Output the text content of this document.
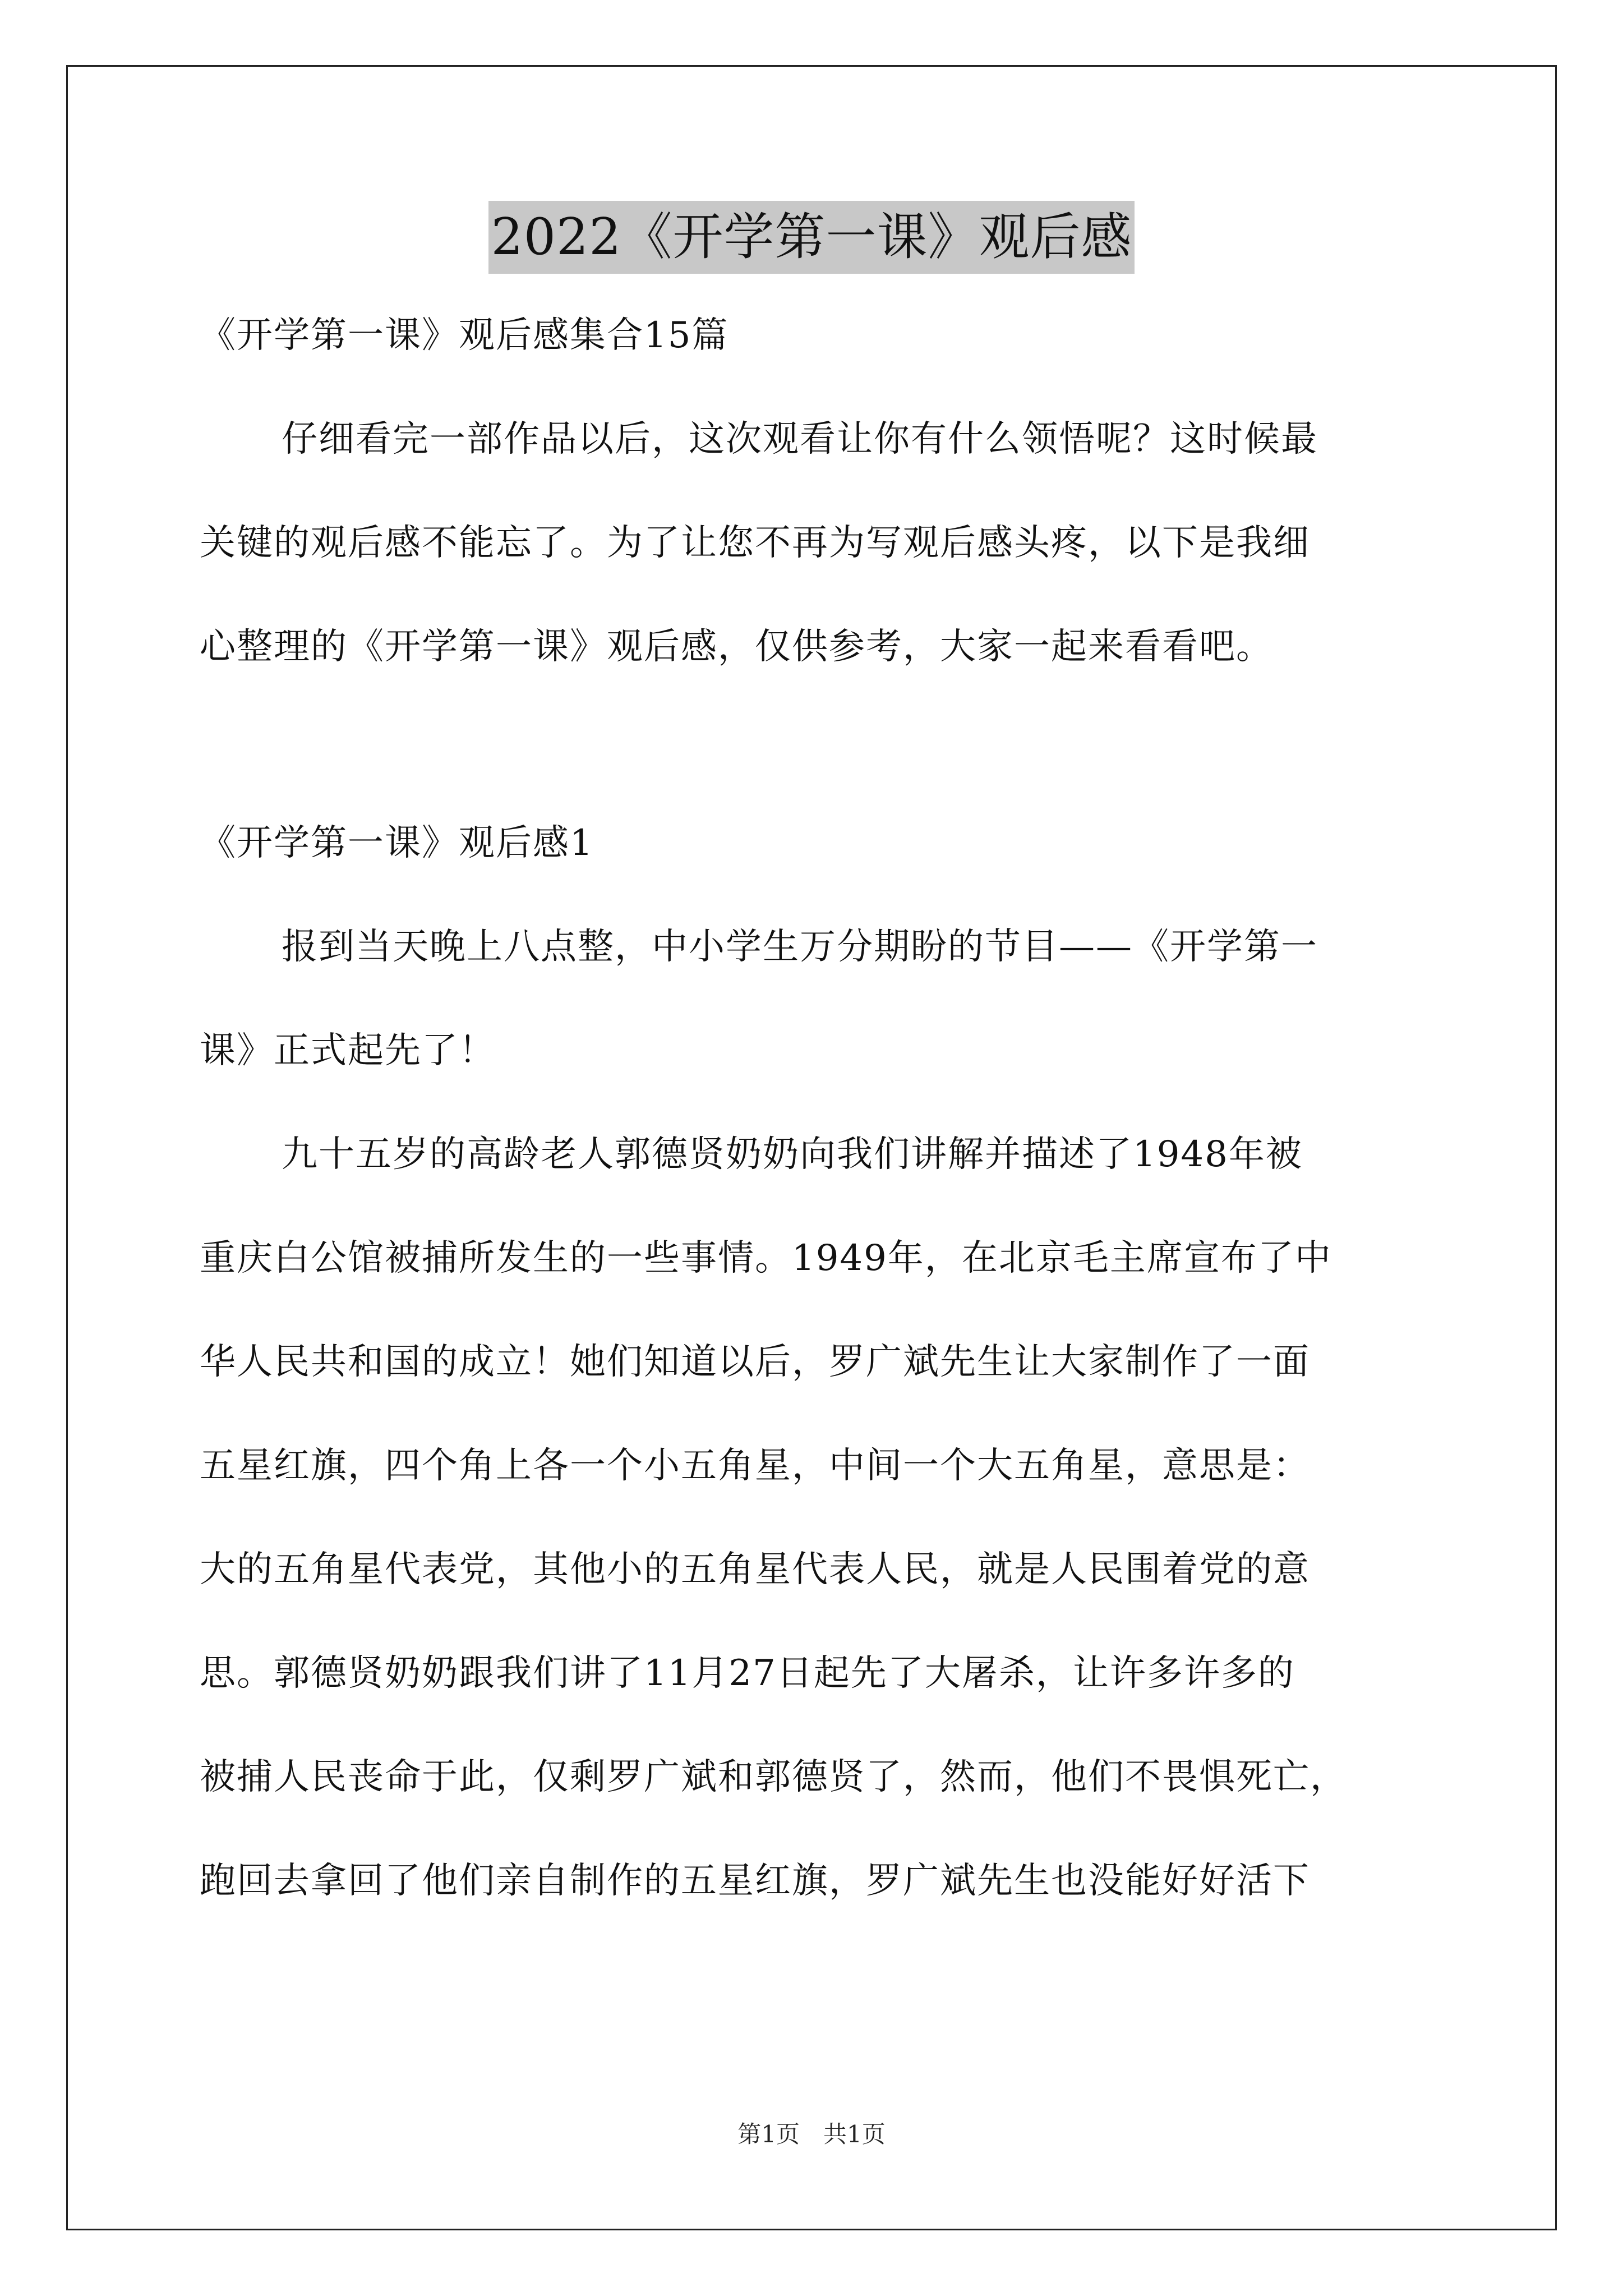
2022《开学第一课》观后感
《开学第一课》观后感集合15篇
仔细看完一部作品以后，这次观看让你有什么领悟呢？这时候最
关键的观后感不能忘了。为了让您不再为写观后感头疼，以下是我细
心整理的《开学第一课》观后感，仅供参考，大家一起来看看吧。
《开学第一课》观后感1
报到当天晚上八点整，中小学生万分期盼的节目——《开学第一
课》正式起先了！
九十五岁的高龄老人郭德贤奶奶向我们讲解并描述了1948年被
重庆白公馆被捕所发生的一些事情。1949年，在北京毛主席宣布了中
华人民共和国的成立！她们知道以后，罗广斌先生让大家制作了一面
五星红旗，四个角上各一个小五角星，中间一个大五角星，意思是：
大的五角星代表党，其他小的五角星代表人民，就是人民围着党的意
思。郭德贤奶奶跟我们讲了11月27日起先了大屠杀，让许多许多的
被捕人民丧命于此，仅剩罗广斌和郭德贤了，然而，他们不畏惧死亡，
跑回去拿回了他们亲自制作的五星红旗，罗广斌先生也没能好好活下
第1页　共1页
